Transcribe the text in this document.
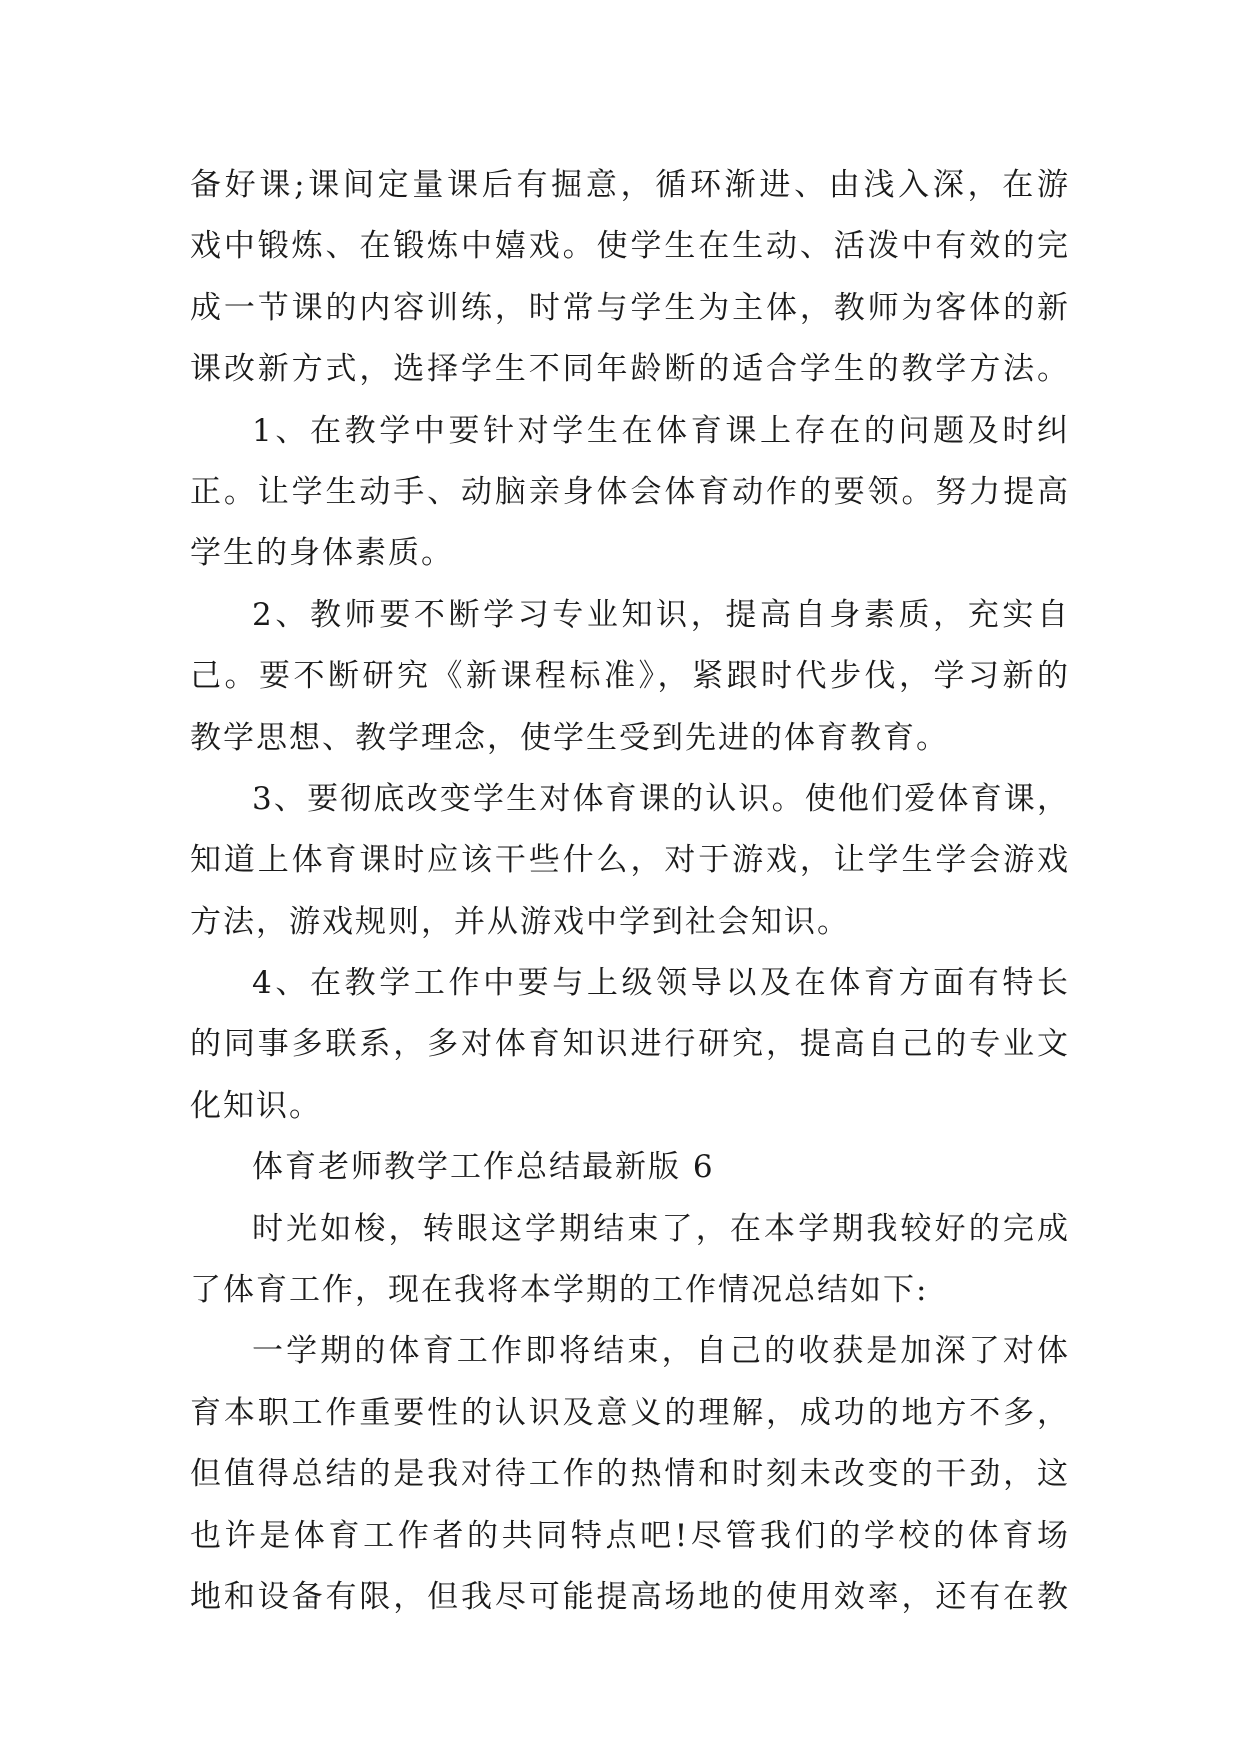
备好课;课间定量课后有掘意，循环渐进、由浅入深，在游
戏中锻炼、在锻炼中嬉戏。使学生在生动、活泼中有效的完
成一节课的内容训练，时常与学生为主体，教师为客体的新
课改新方式，选择学生不同年龄断的适合学生的教学方法。
1、在教学中要针对学生在体育课上存在的问题及时纠
正。让学生动手、动脑亲身体会体育动作的要领。努力提高
学生的身体素质。
2、教师要不断学习专业知识，提高自身素质，充实自
己。要不断研究《新课程标准》，紧跟时代步伐，学习新的
教学思想、教学理念，使学生受到先进的体育教育。
3、要彻底改变学生对体育课的认识。使他们爱体育课，
知道上体育课时应该干些什么，对于游戏，让学生学会游戏
方法，游戏规则，并从游戏中学到社会知识。
4、在教学工作中要与上级领导以及在体育方面有特长
的同事多联系，多对体育知识进行研究，提高自己的专业文
化知识。
体育老师教学工作总结最新版 6
时光如梭，转眼这学期结束了，在本学期我较好的完成
了体育工作，现在我将本学期的工作情况总结如下:
一学期的体育工作即将结束，自己的收获是加深了对体
育本职工作重要性的认识及意义的理解，成功的地方不多，
但值得总结的是我对待工作的热情和时刻未改变的干劲，这
也许是体育工作者的共同特点吧!尽管我们的学校的体育场
地和设备有限，但我尽可能提高场地的使用效率，还有在教
